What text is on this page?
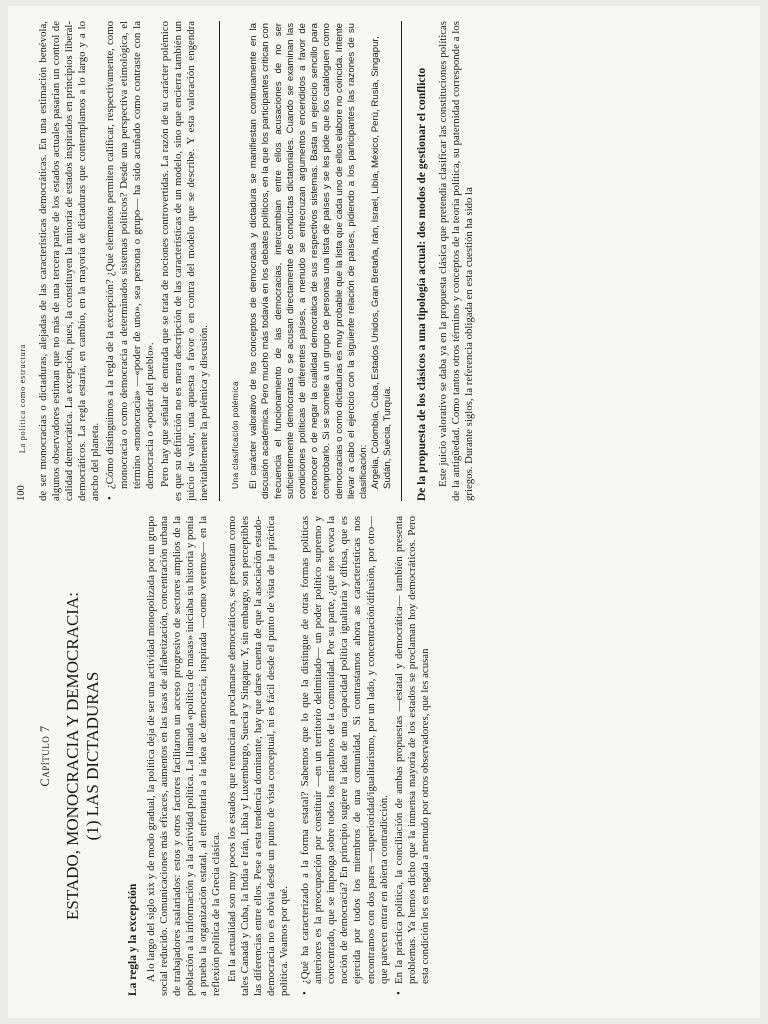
Capítulo 7 ESTADO, MONOCRACIA Y DEMOCRACIA: (1) LAS DICTADURAS
La regla y la excepción A lo largo del siglo xix y de modo gradual, la política deja de ser una actividad monopolizada por un grupo social reducido. Comunicaciones más eficaces, aumentos en las tasas de alfabetización, concentración urbana de trabajadores asalariados: estos y otros factores facilitaron un acceso progresivo de sectores amplios de la población a la información y a la actividad política. La llamada «política de masas» iniciaba su historia y ponía a prueba la organización estatal, al enfrentarla a la idea de democracia, inspirada —como veremos— en la reflexión política de la Grecia clásica. En la actualidad son muy pocos los estados que renuncian a proclamarse democráticos, se presentan como tales Canadá y Cuba, la India e Irán, Libia y Luxemburgo, Suecia y Singapur. Y, sin embargo, son perceptibles las diferencias entre ellos. Pese a esta tendencia dominante, hay que darse cuenta de que la asociación estado-democracia no es obvia desde un punto de vista conceptual, ni es fácil desde el punto de vista de la práctica política. Veamos por qué. • ¿Qué ha caracterizado a la forma estatal? Sabemos que lo que la distingue de otras formas políticas anteriores es la preocupación por constituir —en un territorio delimitado— un poder político supremo y concentrado, que se imponga sobre todos los miembros de la comunidad. Por su parte, ¿qué nos evoca la noción de democracia? En principio sugiere la idea de una capacidad política igualitaria y difusa, que es ejercida por todos los miembros de una comunidad. Si contrastamos ahora as características nos encontramos con dos pares —superioridad/igualitarismo, por un lado, y concentración/difusión, por otro— que parecen entrar en abierta contradicción. • En la práctica política, la conciliación de ambas propuestas —estatal y democrática— también presenta problemas. Ya hemos dicho que la inmensa mayoría de los estados se proclaman hoy democráticos. Pero esta condición les es negada a menudo por otros observadores, que les acusan

100
La política como estructura de ser monocracias o dictaduras, alejadas de las características democráticas. En una estimación benévola, algunos observadores estiman que no más de una tercera parte de los estados actuales pasarían un control de calidad democrática. La excepción, pues, la constituyen la minoría de estados inspirados en principios liberal-democráticos. La regla estaría, en cambio, en la mayoría de dictaduras que contemplamos a lo largo y a lo ancho del planeta. • ¿Cómo distinguimos a la regla de la excepción? ¿Qué elementos permiten calificar, respectivamente, como monocracia o como democracia a determinados sistemas políticos? Desde una perspectiva etimológica, el término «monocracia» —«poder de uno», sea persona o grupo— ha sido acuñado como contraste con la democracia o «poder del pueblo». Pero hay que señalar de entrada que se trata de nociones controvertidas. La razón de su carácter polémico es que su definición no es mera descripción de las características de un modelo, sino que encierra también un juicio de valor, una apuesta a favor o en contra del modelo que se describe. Y esta valoración engendra inevitablemente la polémica y discusión. Una clasificación polémica El carácter valorativo de los conceptos de democracia y dictadura se manifiestan continuamente en la discusión académica. Pero mucho más todavía en los debates políticos, en la que los participantes critican con frecuencia el funcionamiento de las democracias, intercambian entre ellos acusaciones de no ser suficientemente demócratas o se acusan directamente de conductas dictatoriales. Cuando se examinan las condiciones políticas de diferentes países, a menudo se entrecruzan argumentos encendidos a favor de reconocer o de negar la cualidad democrática de sus respectivos sistemas. Basta un ejercicio sencillo para comprobarlo. Si se somete a un grupo de personas una lista de países y se les pide que los cataloguen como democracias o como dictaduras es muy probable que la lista que cada uno de ellos elabore no coincida. Intente llevar a cabo el ejercicio con la siguiente relación de países, pidiendo a los participantes las razones de su clasificación: Argelia, Colombia, Cuba, Estados Unidos, Gran Bretaña, Irán, Israel, Libia, México, Perú, Rusia, Singapur, Sudán, Suecia, Turquía. De la propuesta de los clásicos a una tipología actual: dos modos de gestionar el conflicto Este juicio valorativo se daba ya en la propuesta clásica que pretendía clasificar las constituciones políticas de la antigüedad. Como tantos otros términos y conceptos de la teoría política, su paternidad corresponde a los griegos. Durante siglos, la referencia obligada en esta cuestión ha sido la
